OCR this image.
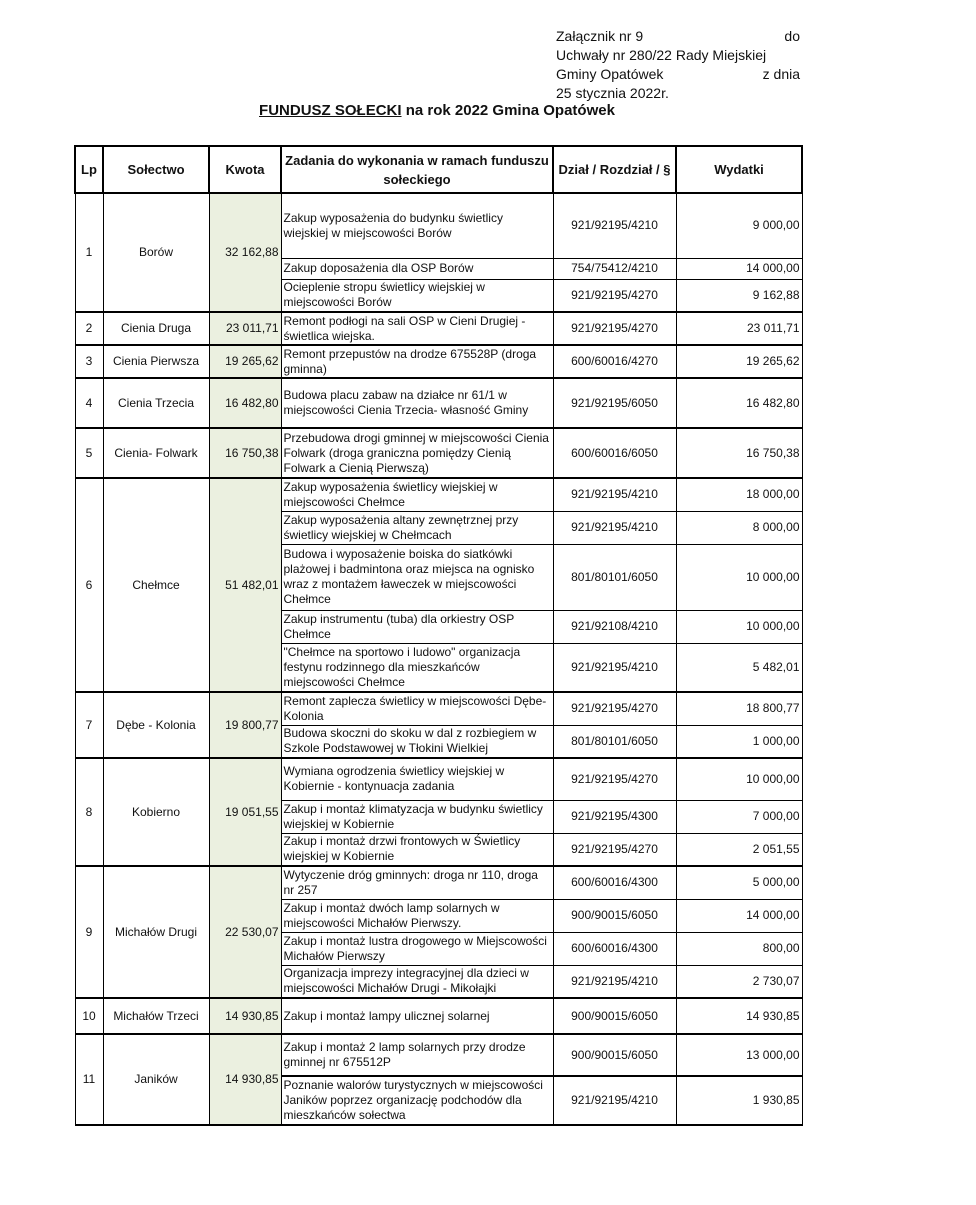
Załącznik nr 9	do
Uchwały nr 280/22 Rady Miejskiej
Gminy Opatówek	z dnia
25 stycznia 2022r.
FUNDUSZ SOŁECKI na rok 2022 Gmina Opatówek
Lp	Sołectwo	Kwota	Zadania do wykonania w ramach funduszu sołeckiego	Dział / Rozdział / §	Wydatki
1	Borów	32 162,88	Zakup wyposażenia do budynku świetlicy wiejskiej w miejscowości Borów	921/92195/4210	9 000,00
			Zakup doposażenia dla OSP Borów	754/75412/4210	14 000,00
			Ocieplenie stropu świetlicy wiejskiej w miejscowości Borów	921/92195/4270	9 162,88
2	Cienia Druga	23 011,71	Remont podłogi na sali OSP w Cieni Drugiej - świetlica wiejska.	921/92195/4270	23 011,71
3	Cienia Pierwsza	19 265,62	Remont przepustów na drodze 675528P (droga gminna)	600/60016/4270	19 265,62
4	Cienia Trzecia	16 482,80	Budowa placu zabaw na działce nr 61/1 w miejscowości Cienia Trzecia- własność Gminy	921/92195/6050	16 482,80
5	Cienia- Folwark	16 750,38	Przebudowa drogi gminnej w miejscowości Cienia Folwark (droga graniczna pomiędzy Cienią Folwark a Cienią Pierwszą)	600/60016/6050	16 750,38
6	Chełmce	51 482,01	Zakup wyposażenia świetlicy wiejskiej w miejscowości Chełmce	921/92195/4210	18 000,00
			Zakup wyposażenia altany zewnętrznej przy świetlicy wiejskiej w Chełmcach	921/92195/4210	8 000,00
			Budowa i wyposażenie boiska do siatkówki plażowej i badmintona oraz miejsca na ognisko wraz z montażem ławeczek w miejscowości Chełmce	801/80101/6050	10 000,00
			Zakup instrumentu (tuba) dla orkiestry OSP Chełmce	921/92108/4210	10 000,00
			"Chełmce na sportowo i ludowo" organizacja festynu rodzinnego dla mieszkańców miejscowości Chełmce	921/92195/4210	5 482,01
7	Dębe - Kolonia	19 800,77	Remont zaplecza świetlicy w miejscowości Dębe-Kolonia	921/92195/4270	18 800,77
			Budowa skoczni do skoku w dal z rozbiegiem w Szkole Podstawowej w Tłokini Wielkiej	801/80101/6050	1 000,00
8	Kobierno	19 051,55	Wymiana ogrodzenia świetlicy wiejskiej w Kobiernie - kontynuacja zadania	921/92195/4270	10 000,00
			Zakup i montaż klimatyzacja w budynku świetlicy wiejskiej w Kobiernie	921/92195/4300	7 000,00
			Zakup i montaż drzwi frontowych w Świetlicy wiejskiej w Kobiernie	921/92195/4270	2 051,55
9	Michałów Drugi	22 530,07	Wytyczenie dróg gminnych: droga nr 110, droga nr 257	600/60016/4300	5 000,00
			Zakup i montaż dwóch lamp solarnych w miejscowości Michałów Pierwszy.	900/90015/6050	14 000,00
			Zakup i montaż lustra drogowego w Miejscowości Michałów Pierwszy	600/60016/4300	800,00
			Organizacja imprezy integracyjnej dla dzieci w miejscowości Michałów Drugi - Mikołajki	921/92195/4210	2 730,07
10	Michałów Trzeci	14 930,85	Zakup i montaż lampy ulicznej solarnej	900/90015/6050	14 930,85
11	Janików	14 930,85	Zakup i montaż 2 lamp solarnych przy drodze gminnej nr 675512P	900/90015/6050	13 000,00
			Poznanie walorów turystycznych w miejscowości Janików poprzez organizację podchodów dla mieszkańców sołectwa	921/92195/4210	1 930,85
